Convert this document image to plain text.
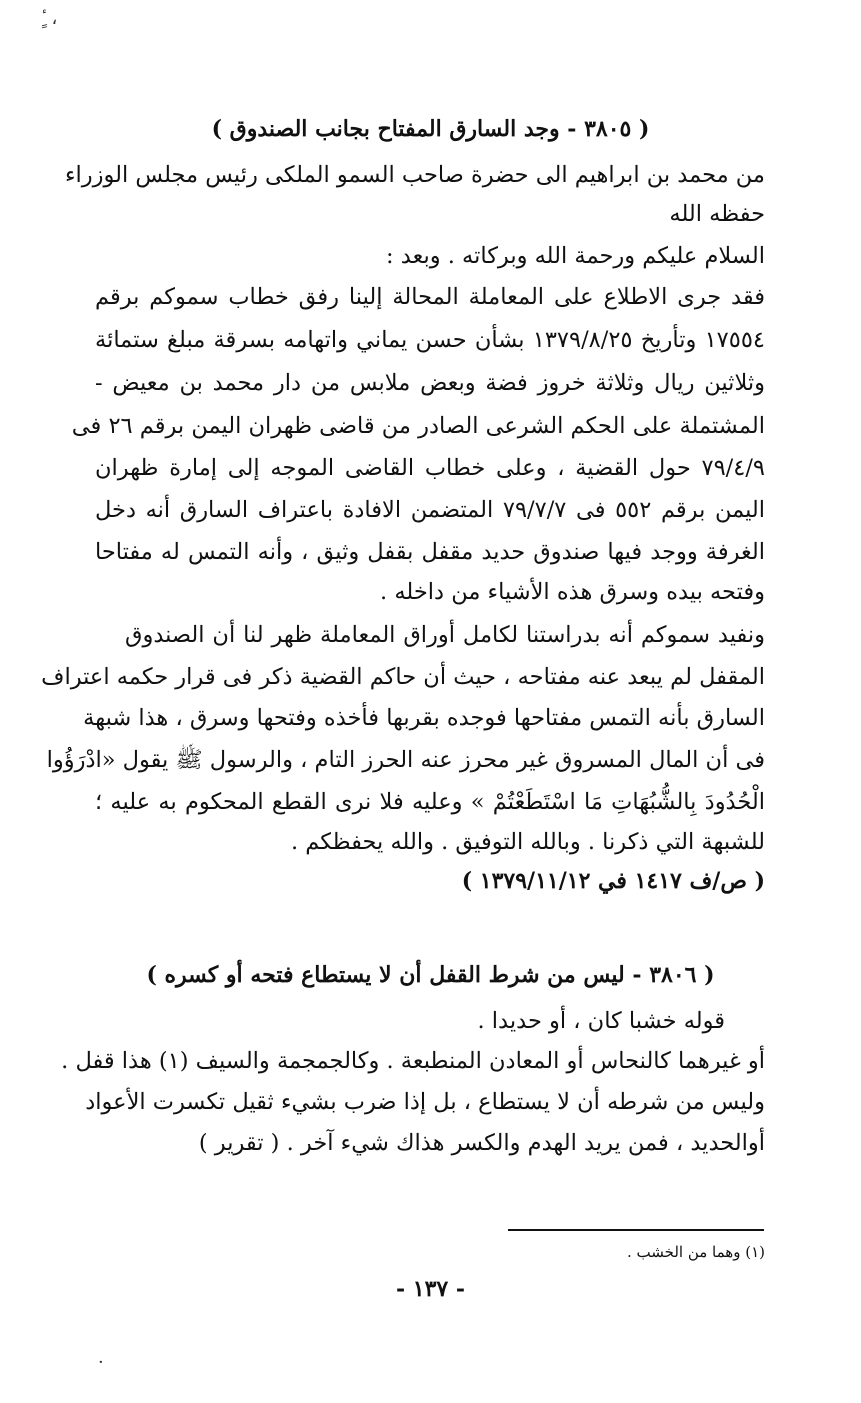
ٔ ٍ ،
( ٣٨٠٥ - وجد السارق المفتاح بجانب الصندوق )
من محمد بن ابراهيم الى حضرة صاحب السمو الملكى رئيس مجلس الوزراء
حفظه الله
السلام عليكم ورحمة الله وبركاته . وبعد :
فقد جرى الاطلاع على المعاملة المحالة إلينا رفق خطاب سموكم برقم
١٧٥٥٤ وتأريخ ١٣٧٩/٨/٢٥ بشأن حسن يماني واتهامه بسرقة مبلغ ستمائة
وثلاثين ريال وثلاثة خروز فضة وبعض ملابس من دار محمد بن معيض -
المشتملة على الحكم الشرعى الصادر من قاضى ظهران اليمن برقم ٢٦ فى
٧٩/٤/٩ حول القضية ، وعلى خطاب القاضى الموجه إلى إمارة ظهران
اليمن برقم ٥٥٢ فى ٧٩/٧/٧ المتضمن الافادة باعتراف السارق أنه دخل
الغرفة ووجد فيها صندوق حديد مقفل بقفل وثيق ، وأنه التمس له مفتاحا
وفتحه بيده وسرق هذه الأشياء من داخله .
ونفيد سموكم أنه بدراستنا لكامل أوراق المعاملة ظهر لنا أن الصندوق
المقفل لم يبعد عنه مفتاحه ، حيث أن حاكم القضية ذكر فى قرار حكمه اعتراف
السارق بأنه التمس مفتاحها فوجده بقربها فأخذه وفتحها وسرق ، هذا شبهة
فى أن المال المسروق غير محرز عنه الحرز التام ، والرسول ﷺ يقول «ادْرَؤُوا
الْحُدُودَ بِالشُّبُهَاتِ مَا اسْتَطَعْتُمْ » وعليه فلا نرى القطع المحكوم به عليه ؛
للشبهة التي ذكرنا . وبالله التوفيق . والله يحفظكم .
( ص/ف ١٤١٧ في ١٣٧٩/١١/١٢ )
( ٣٨٠٦ - ليس من شرط القفل أن لا يستطاع فتحه أو كسره )
قوله خشبا كان ، أو حديدا .
أو غيرهما كالنحاس أو المعادن المنطبعة . وكالجمجمة والسيف (١) هذا قفل .
وليس من شرطه أن لا يستطاع ، بل إذا ضرب بشيء ثقيل تكسرت الأعواد
أوالحديد ، فمن يريد الهدم والكسر هذاك شيء آخر . ( تقرير )
(١) وهما من الخشب .
- ١٣٧ -
·
